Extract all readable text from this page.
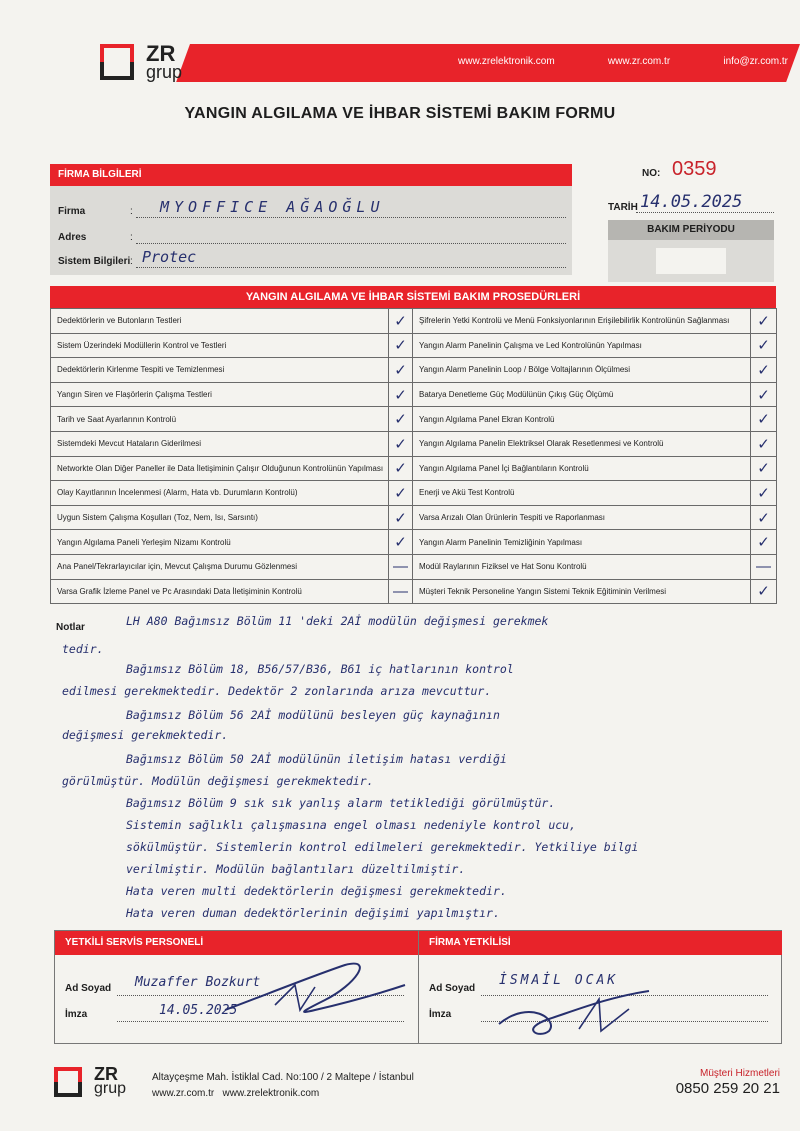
www.zrelektronik.com	www.zr.com.tr	info@zr.com.tr
ZR
grup
YANGIN ALGILAMA VE İHBAR SİSTEMİ BAKIM FORMU
FİRMA BİLGİLERİ
Firma	: MYOFFICE AĞAOĞLU
Adres	:
Sistem Bilgileri : Protec
NO: 0359
TARİH 14.05.2025
BAKIM PERİYODU
YANGIN ALGILAMA VE İHBAR SİSTEMİ BAKIM PROSEDÜRLERİ
Dedektörlerin ve Butonların Testleri	✓	Şifrelerin Yetki Kontrolü ve Menü Fonksiyonlarının Erişilebilirlik Kontrolünün Sağlanması	✓
Sistem Üzerindeki Modüllerin Kontrol ve Testleri	✓	Yangın Alarm Panelinin Çalışma ve Led Kontrolünün Yapılması	✓
Dedektörlerin Kirlenme Tespiti ve Temizlenmesi	✓	Yangın Alarm Panelinin Loop / Bölge Voltajlarının Ölçülmesi	✓
Yangın Siren ve Flaşörlerin Çalışma Testleri	✓	Batarya Denetleme Güç Modülünün Çıkış Güç Ölçümü	✓
Tarih ve Saat Ayarlarının Kontrolü	✓	Yangın Algılama Panel Ekran Kontrolü	✓
Sistemdeki Mevcut Hataların Giderilmesi	✓	Yangın Algılama Panelin Elektriksel Olarak Resetlenmesi ve Kontrolü	✓
Networkte Olan Diğer Paneller ile Data İletişiminin Çalışır Olduğunun Kontrolünün Yapılması	✓	Yangın Algılama Panel İçi Bağlantıların Kontrolü	✓
Olay Kayıtlarının İncelenmesi (Alarm, Hata vb. Durumların Kontrolü)	✓	Enerji ve Akü Test Kontrolü	✓
Uygun Sistem Çalışma Koşulları (Toz, Nem, Isı, Sarsıntı)	✓	Varsa Arızalı Olan Ürünlerin Tespiti ve Raporlanması	✓
Yangın Algılama Paneli Yerleşim Nizamı Kontrolü	✓	Yangın Alarm Panelinin Temizliğinin Yapılması	✓
Ana Panel/Tekrarlayıcılar için, Mevcut Çalışma Durumu Gözlenmesi	—	Modül Raylarının Fiziksel ve Hat Sonu Kontrolü	—
Varsa Grafik İzleme Panel ve Pc Arasındaki Data İletişiminin Kontrolü	—	Müşteri Teknik Personeline Yangın Sistemi Teknik Eğitiminin Verilmesi	✓
Notlar	LH A80 Bağımsız Bölüm 11 'deki 2Aİ modülün değişmesi gerekmek
tedir.
Bağımsız Bölüm 18, B56/57/B36, B61 iç hatlarının kontrol
edilmesi gerekmektedir. Dedektör 2 zonlarında arıza mevcuttur.
Bağımsız Bölüm 56 2Aİ modülünü besleyen güç kaynağının
değişmesi gerekmektedir.
Bağımsız Bölüm 50 2Aİ modülünün iletişim hatası verdiği
görülmüştür. Modülün değişmesi gerekmektedir.
Bağımsız Bölüm 9 sık sık yanlış alarm tetiklediği görülmüştür.
Sistemin sağlıklı çalışmasına engel olması nedeniyle kontrol ucu,
sökülmüştür. Sistemlerin kontrol edilmeleri gerekmektedir. Yetkiliye bilgi
verilmiştir. Modülün bağlantıları düzeltilmiştir.
Hata veren multi dedektörlerin değişmesi gerekmektedir.
Hata veren duman dedektörlerinin değişimi yapılmıştır.
YETKİLİ SERVİS PERSONELİ
Ad Soyad Muzaffer Bozkurt
İmza	14.05.2025
FİRMA YETKİLİSİ
Ad Soyad
İSMAİL OCAK
İmza
ZR
grup
Altayçeşme Mah. İstiklal Cad. No:100 / 2 Maltepe / İstanbul
www.zr.com.tr   www.zrelektronik.com
Müşteri Hizmetleri
0850 259 20 21
